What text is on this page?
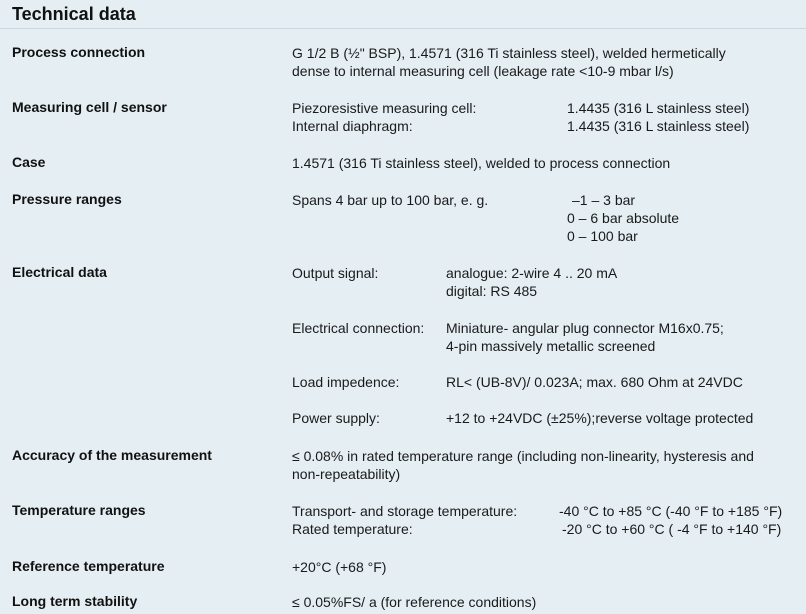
Technical data
Process connection	G 1/2 B (½" BSP), 1.4571 (316 Ti stainless steel), welded hermetically
dense to internal measuring cell (leakage rate <10-9 mbar l/s)
Measuring cell / sensor	Piezoresistive measuring cell:	1.4435 (316 L stainless steel)
Internal diaphragm:	1.4435 (316 L stainless steel)
Case	1.4571 (316 Ti stainless steel), welded to process connection
Pressure ranges	Spans 4 bar up to 100 bar, e. g.	–1 – 3 bar
0 – 6 bar absolute
0 – 100 bar
Electrical data	Output signal:	analogue: 2-wire 4 .. 20 mA
digital: RS 485
Electrical connection: Miniature- angular plug connector M16x0.75;
4-pin massively metallic screened
Load impedence:	RL< (UB-8V)/ 0.023A; max. 680 Ohm at 24VDC
Power supply:	+12 to +24VDC (±25%);reverse voltage protected
Accuracy of the measurement	≤ 0.08% in rated temperature range (including non-linearity, hysteresis and
non-repeatability)
Temperature ranges	Transport- and storage temperature:	-40 °C to +85 °C (-40 °F to +185 °F)
Rated temperature:	-20 °C to +60 °C ( -4 °F to +140 °F)
Reference temperature	+20°C (+68 °F)
Long term stability	≤ 0.05%FS/ a (for reference conditions)
